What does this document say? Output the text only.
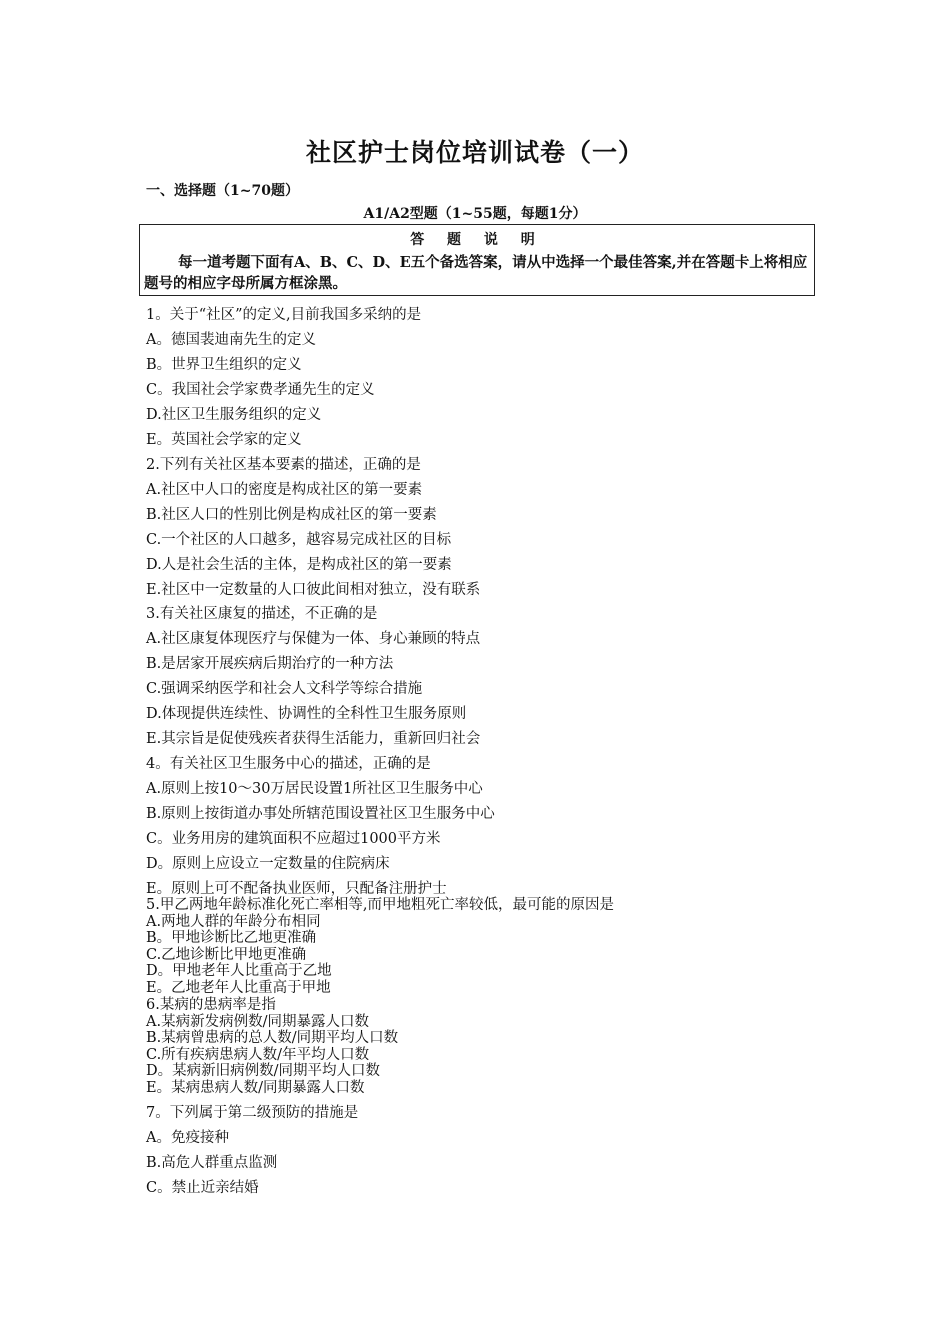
社区护士岗位培训试卷（一）
一、选择题（1~70题）
A1/A2型题（1~55题，每题1分）
答 题 说 明
每一道考题下面有A、B、C、D、E五个备选答案，请从中选择一个最佳答案,并在答题卡上将相应题号的相应字母所属方框涂黑。
1。关于“社区”的定义,目前我国多采纳的是
A。德国裴迪南先生的定义
B。世界卫生组织的定义
C。我国社会学家费孝通先生的定义
D.社区卫生服务组织的定义
E。英国社会学家的定义
2.下列有关社区基本要素的描述，正确的是
A.社区中人口的密度是构成社区的第一要素
B.社区人口的性别比例是构成社区的第一要素
C.一个社区的人口越多，越容易完成社区的目标
D.人是社会生活的主体，是构成社区的第一要素
E.社区中一定数量的人口彼此间相对独立，没有联系
3.有关社区康复的描述，不正确的是
A.社区康复体现医疗与保健为一体、身心兼顾的特点
B.是居家开展疾病后期治疗的一种方法
C.强调采纳医学和社会人文科学等综合措施
D.体现提供连续性、协调性的全科性卫生服务原则
E.其宗旨是促使残疾者获得生活能力，重新回归社会
4。有关社区卫生服务中心的描述，正确的是
A.原则上按10～30万居民设置1所社区卫生服务中心
B.原则上按街道办事处所辖范围设置社区卫生服务中心
C。业务用房的建筑面积不应超过1000平方米
D。原则上应设立一定数量的住院病床
E。原则上可不配备执业医师，只配备注册护士
5.甲乙两地年龄标准化死亡率相等,而甲地粗死亡率较低，最可能的原因是
A.两地人群的年龄分布相同
B。甲地诊断比乙地更准确
C.乙地诊断比甲地更准确
D。甲地老年人比重高于乙地
E。乙地老年人比重高于甲地
6.某病的患病率是指
A.某病新发病例数/同期暴露人口数
B.某病曾患病的总人数/同期平均人口数
C.所有疾病患病人数/年平均人口数
D。某病新旧病例数/同期平均人口数
E。某病患病人数/同期暴露人口数
7。下列属于第二级预防的措施是
A。免疫接种
B.高危人群重点监测
C。禁止近亲结婚
